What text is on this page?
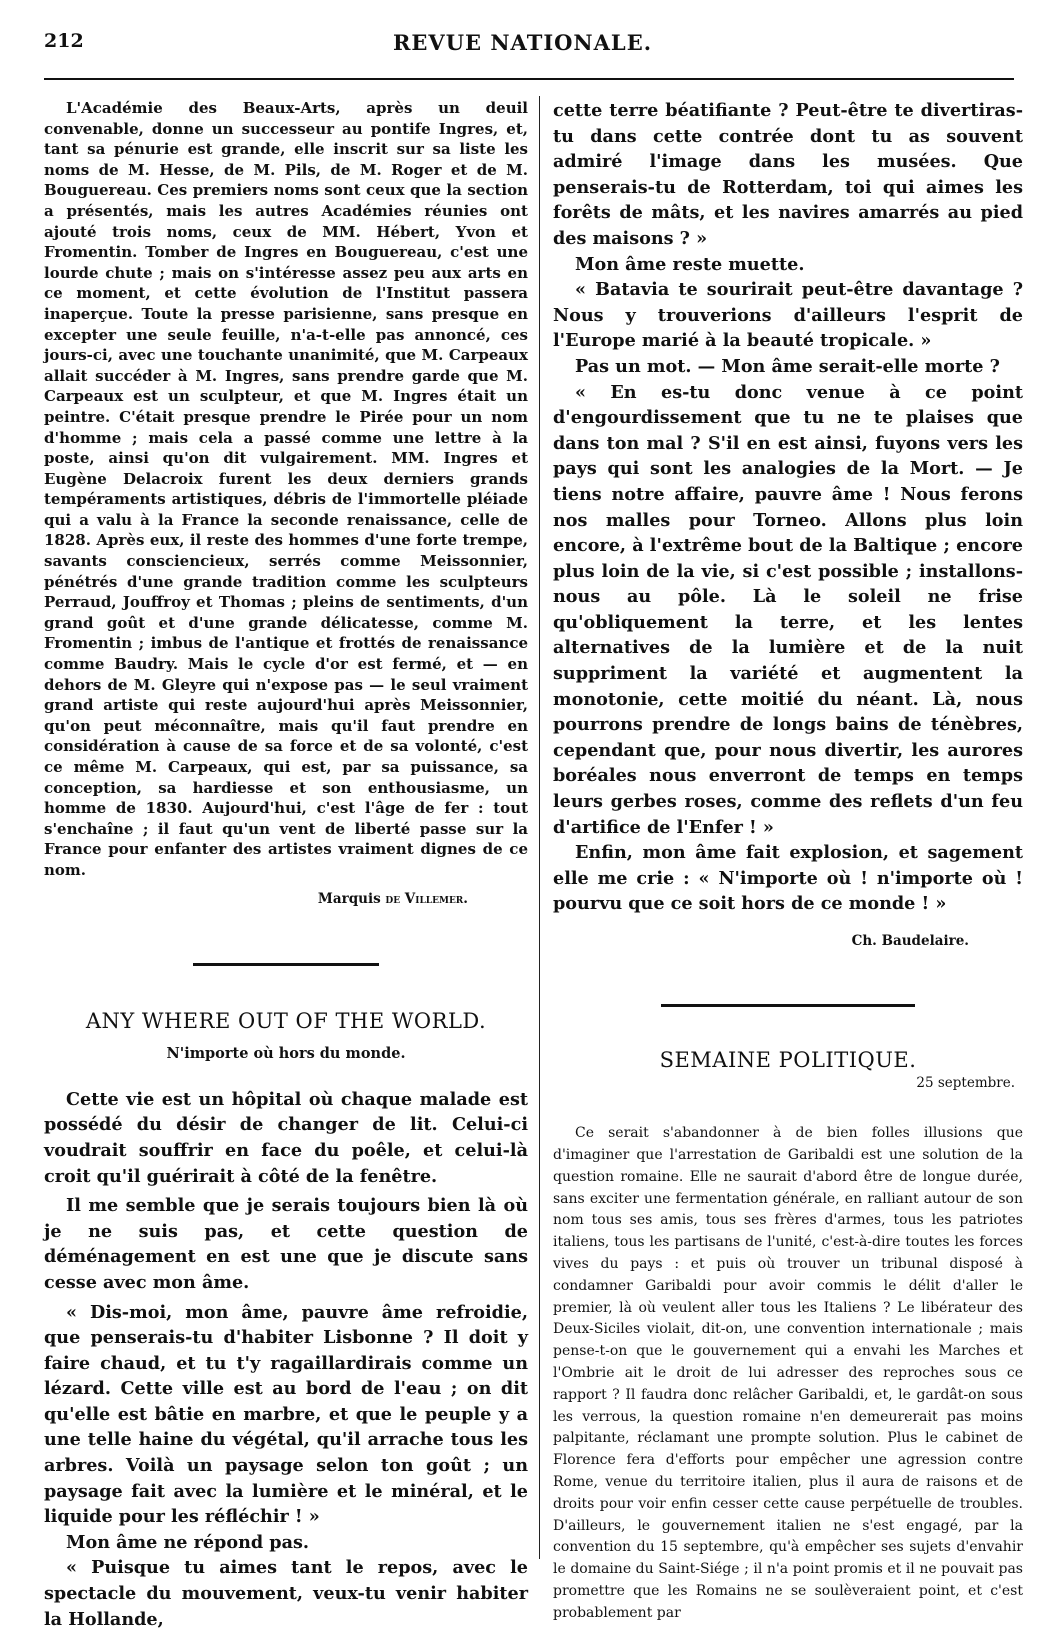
212	REVUE NATIONALE.

L'Académie des Beaux-Arts, après un deuil convenable, donne un successeur au pontife Ingres, et, tant sa pénurie est grande, elle inscrit sur sa liste les noms de M. Hesse, de M. Pils, de M. Roger et de M. Bouguereau. Ces premiers noms sont ceux que la section a présentés, mais les autres Académies réunies ont ajouté trois noms, ceux de MM. Hébert, Yvon et Fromentin. Tomber de Ingres en Bouguereau, c'est une lourde chute ; mais on s'intéresse assez peu aux arts en ce moment, et cette évolution de l'Institut passera inaperçue. Toute la presse parisienne, sans presque en excepter une seule feuille, n'a-t-elle pas annoncé, ces jours-ci, avec une touchante unanimité, que M. Carpeaux allait succéder à M. Ingres, sans prendre garde que M. Carpeaux est un sculpteur, et que M. Ingres était un peintre. C'était presque prendre le Pirée pour un nom d'homme ; mais cela a passé comme une lettre à la poste, ainsi qu'on dit vulgairement. MM. Ingres et Eugène Delacroix furent les deux derniers grands tempéraments artistiques, débris de l'immortelle pléiade qui a valu à la France la seconde renaissance, celle de 1828. Après eux, il reste des hommes d'une forte trempe, savants consciencieux, serrés comme Meissonnier, pénétrés d'une grande tradition comme les sculpteurs Perraud, Jouffroy et Thomas ; pleins de sentiments, d'un grand goût et d'une grande délicatesse, comme M. Fromentin ; imbus de l'antique et frottés de renaissance comme Baudry. Mais le cycle d'or est fermé, et — en dehors de M. Gleyre qui n'expose pas — le seul vraiment grand artiste qui reste aujourd'hui après Meissonnier, qu'on peut méconnaître, mais qu'il faut prendre en considération à cause de sa force et de sa volonté, c'est ce même M. Carpeaux, qui est, par sa puissance, sa conception, sa hardiesse et son enthousiasme, un homme de 1830. Aujourd'hui, c'est l'âge de fer : tout s'enchaîne ; il faut qu'un vent de liberté passe sur la France pour enfanter des artistes vraiment dignes de ce nom.

Marquis de Villemer.

ANY WHERE OUT OF THE WORLD.

N'importe où hors du monde.

Cette vie est un hôpital où chaque malade est possédé du désir de changer de lit. Celui-ci voudrait souffrir en face du poêle, et celui-là croit qu'il guérirait à côté de la fenêtre.

Il me semble que je serais toujours bien là où je ne suis pas, et cette question de déménagement en est une que je discute sans cesse avec mon âme.

« Dis-moi, mon âme, pauvre âme refroidie, que penserais-tu d'habiter Lisbonne ? Il doit y faire chaud, et tu t'y ragaillardirais comme un lézard. Cette ville est au bord de l'eau ; on dit qu'elle est bâtie en marbre, et que le peuple y a une telle haine du végétal, qu'il arrache tous les arbres. Voilà un paysage selon ton goût ; un paysage fait avec la lumière et le minéral, et le liquide pour les réfléchir ! »

Mon âme ne répond pas.

« Puisque tu aimes tant le repos, avec le spectacle du mouvement, veux-tu venir habiter la Hollande,

cette terre béatifiante ? Peut-être te divertiras-tu dans cette contrée dont tu as souvent admiré l'image dans les musées. Que penserais-tu de Rotterdam, toi qui aimes les forêts de mâts, et les navires amarrés au pied des maisons ? »

Mon âme reste muette.

« Batavia te sourirait peut-être davantage ? Nous y trouverions d'ailleurs l'esprit de l'Europe marié à la beauté tropicale. »

Pas un mot. — Mon âme serait-elle morte ?

« En es-tu donc venue à ce point d'engourdissement que tu ne te plaises que dans ton mal ? S'il en est ainsi, fuyons vers les pays qui sont les analogies de la Mort. — Je tiens notre affaire, pauvre âme ! Nous ferons nos malles pour Torneo. Allons plus loin encore, à l'extrême bout de la Baltique ; encore plus loin de la vie, si c'est possible ; installons-nous au pôle. Là le soleil ne frise qu'obliquement la terre, et les lentes alternatives de la lumière et de la nuit suppriment la variété et augmentent la monotonie, cette moitié du néant. Là, nous pourrons prendre de longs bains de ténèbres, cependant que, pour nous divertir, les aurores boréales nous enverront de temps en temps leurs gerbes roses, comme des reflets d'un feu d'artifice de l'Enfer ! »

Enfin, mon âme fait explosion, et sagement elle me crie : « N'importe où ! n'importe où ! pourvu que ce soit hors de ce monde ! »

Ch. Baudelaire.

SEMAINE POLITIQUE.

25 septembre.

Ce serait s'abandonner à de bien folles illusions que d'imaginer que l'arrestation de Garibaldi est une solution de la question romaine. Elle ne saurait d'abord être de longue durée, sans exciter une fermentation générale, en ralliant autour de son nom tous ses amis, tous ses frères d'armes, tous les patriotes italiens, tous les partisans de l'unité, c'est-à-dire toutes les forces vives du pays : et puis où trouver un tribunal disposé à condamner Garibaldi pour avoir commis le délit d'aller le premier, là où veulent aller tous les Italiens ? Le libérateur des Deux-Siciles violait, dit-on, une convention internationale ; mais pense-t-on que le gouvernement qui a envahi les Marches et l'Ombrie ait le droit de lui adresser des reproches sous ce rapport ? Il faudra donc relâcher Garibaldi, et, le gardât-on sous les verrous, la question romaine n'en demeurerait pas moins palpitante, réclamant une prompte solution. Plus le cabinet de Florence fera d'efforts pour empêcher une agression contre Rome, venue du territoire italien, plus il aura de raisons et de droits pour voir enfin cesser cette cause perpétuelle de troubles. D'ailleurs, le gouvernement italien ne s'est engagé, par la convention du 15 septembre, qu'à empêcher ses sujets d'envahir le domaine du Saint-Siége ; il n'a point promis et il ne pouvait pas promettre que les Romains ne se soulèveraient point, et c'est probablement par
